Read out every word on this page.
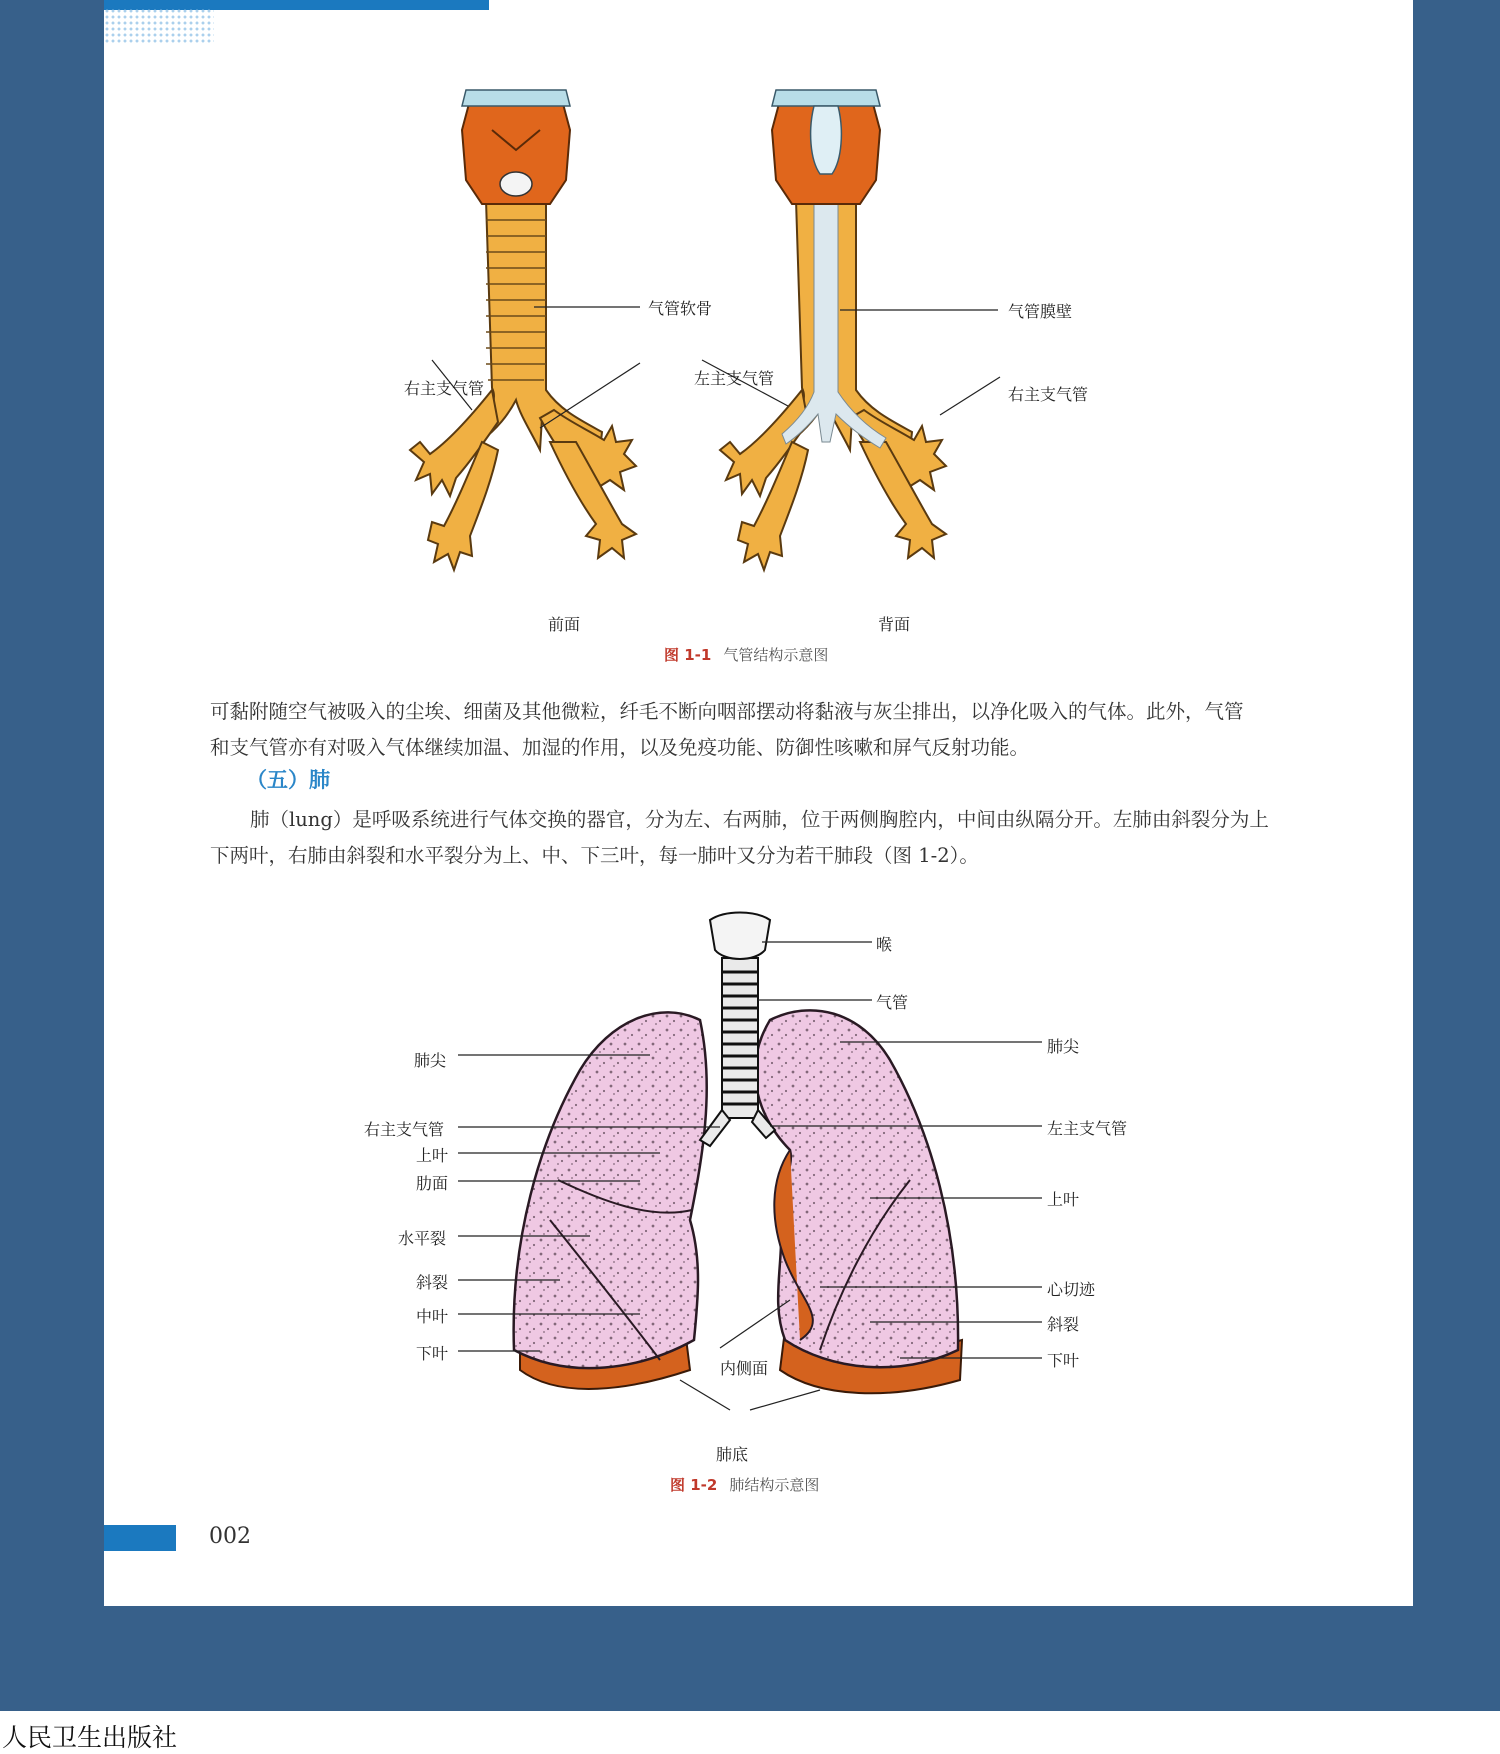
气管软骨
右主支气管
左主支气管
前面
气管膜壁
右主支气管
背面
图 1-1 气管结构示意图
可黏附随空气被吸入的尘埃、细菌及其他微粒，纤毛不断向咽部摆动将黏液与灰尘排出，以净化吸入的气体。此外，气管
和支气管亦有对吸入气体继续加温、加湿的作用，以及免疫功能、防御性咳嗽和屏气反射功能。
（五）肺
肺（lung）是呼吸系统进行气体交换的器官，分为左、右两肺，位于两侧胸腔内，中间由纵隔分开。左肺由斜裂分为上
下两叶，右肺由斜裂和水平裂分为上、中、下三叶，每一肺叶又分为若干肺段（图 1-2）。
喉
气管
肺尖
肺尖
右主支气管	左主支气管
上叶
肋面
上叶
水平裂
斜裂
中叶
心切迹
斜裂
下叶	下叶
内侧面
肺底
图 1-2 肺结构示意图
002
人民卫生出版社
